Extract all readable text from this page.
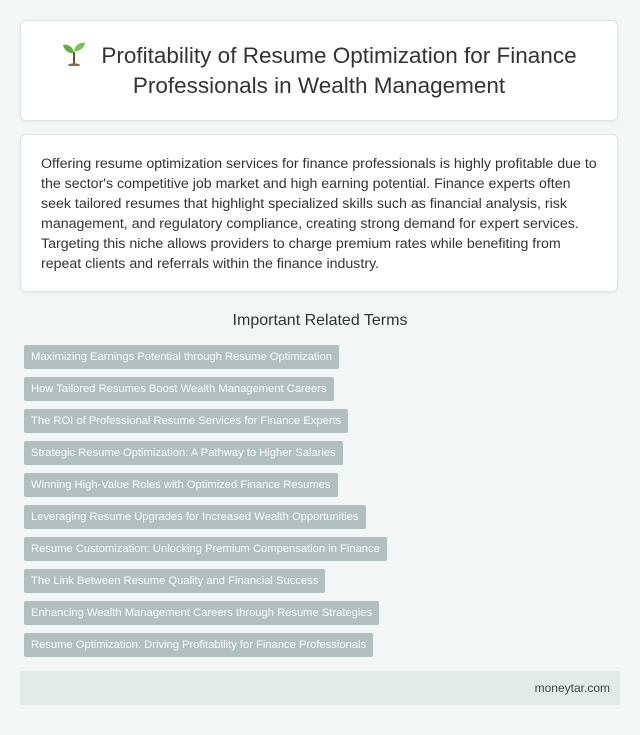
Profitability of Resume Optimization for Finance Professionals in Wealth Management

Offering resume optimization services for finance professionals is highly profitable due to the sector's competitive job market and high earning potential. Finance experts often seek tailored resumes that highlight specialized skills such as financial analysis, risk management, and regulatory compliance, creating strong demand for expert services. Targeting this niche allows providers to charge premium rates while benefiting from repeat clients and referrals within the finance industry.

Important Related Terms
Maximizing Earnings Potential through Resume Optimization
How Tailored Resumes Boost Wealth Management Careers
The ROI of Professional Resume Services for Finance Experts
Strategic Resume Optimization: A Pathway to Higher Salaries
Winning High-Value Roles with Optimized Finance Resumes
Leveraging Resume Upgrades for Increased Wealth Opportunities
Resume Customization: Unlocking Premium Compensation in Finance
The Link Between Resume Quality and Financial Success
Enhancing Wealth Management Careers through Resume Strategies
Resume Optimization: Driving Profitability for Finance Professionals
moneytar.com
